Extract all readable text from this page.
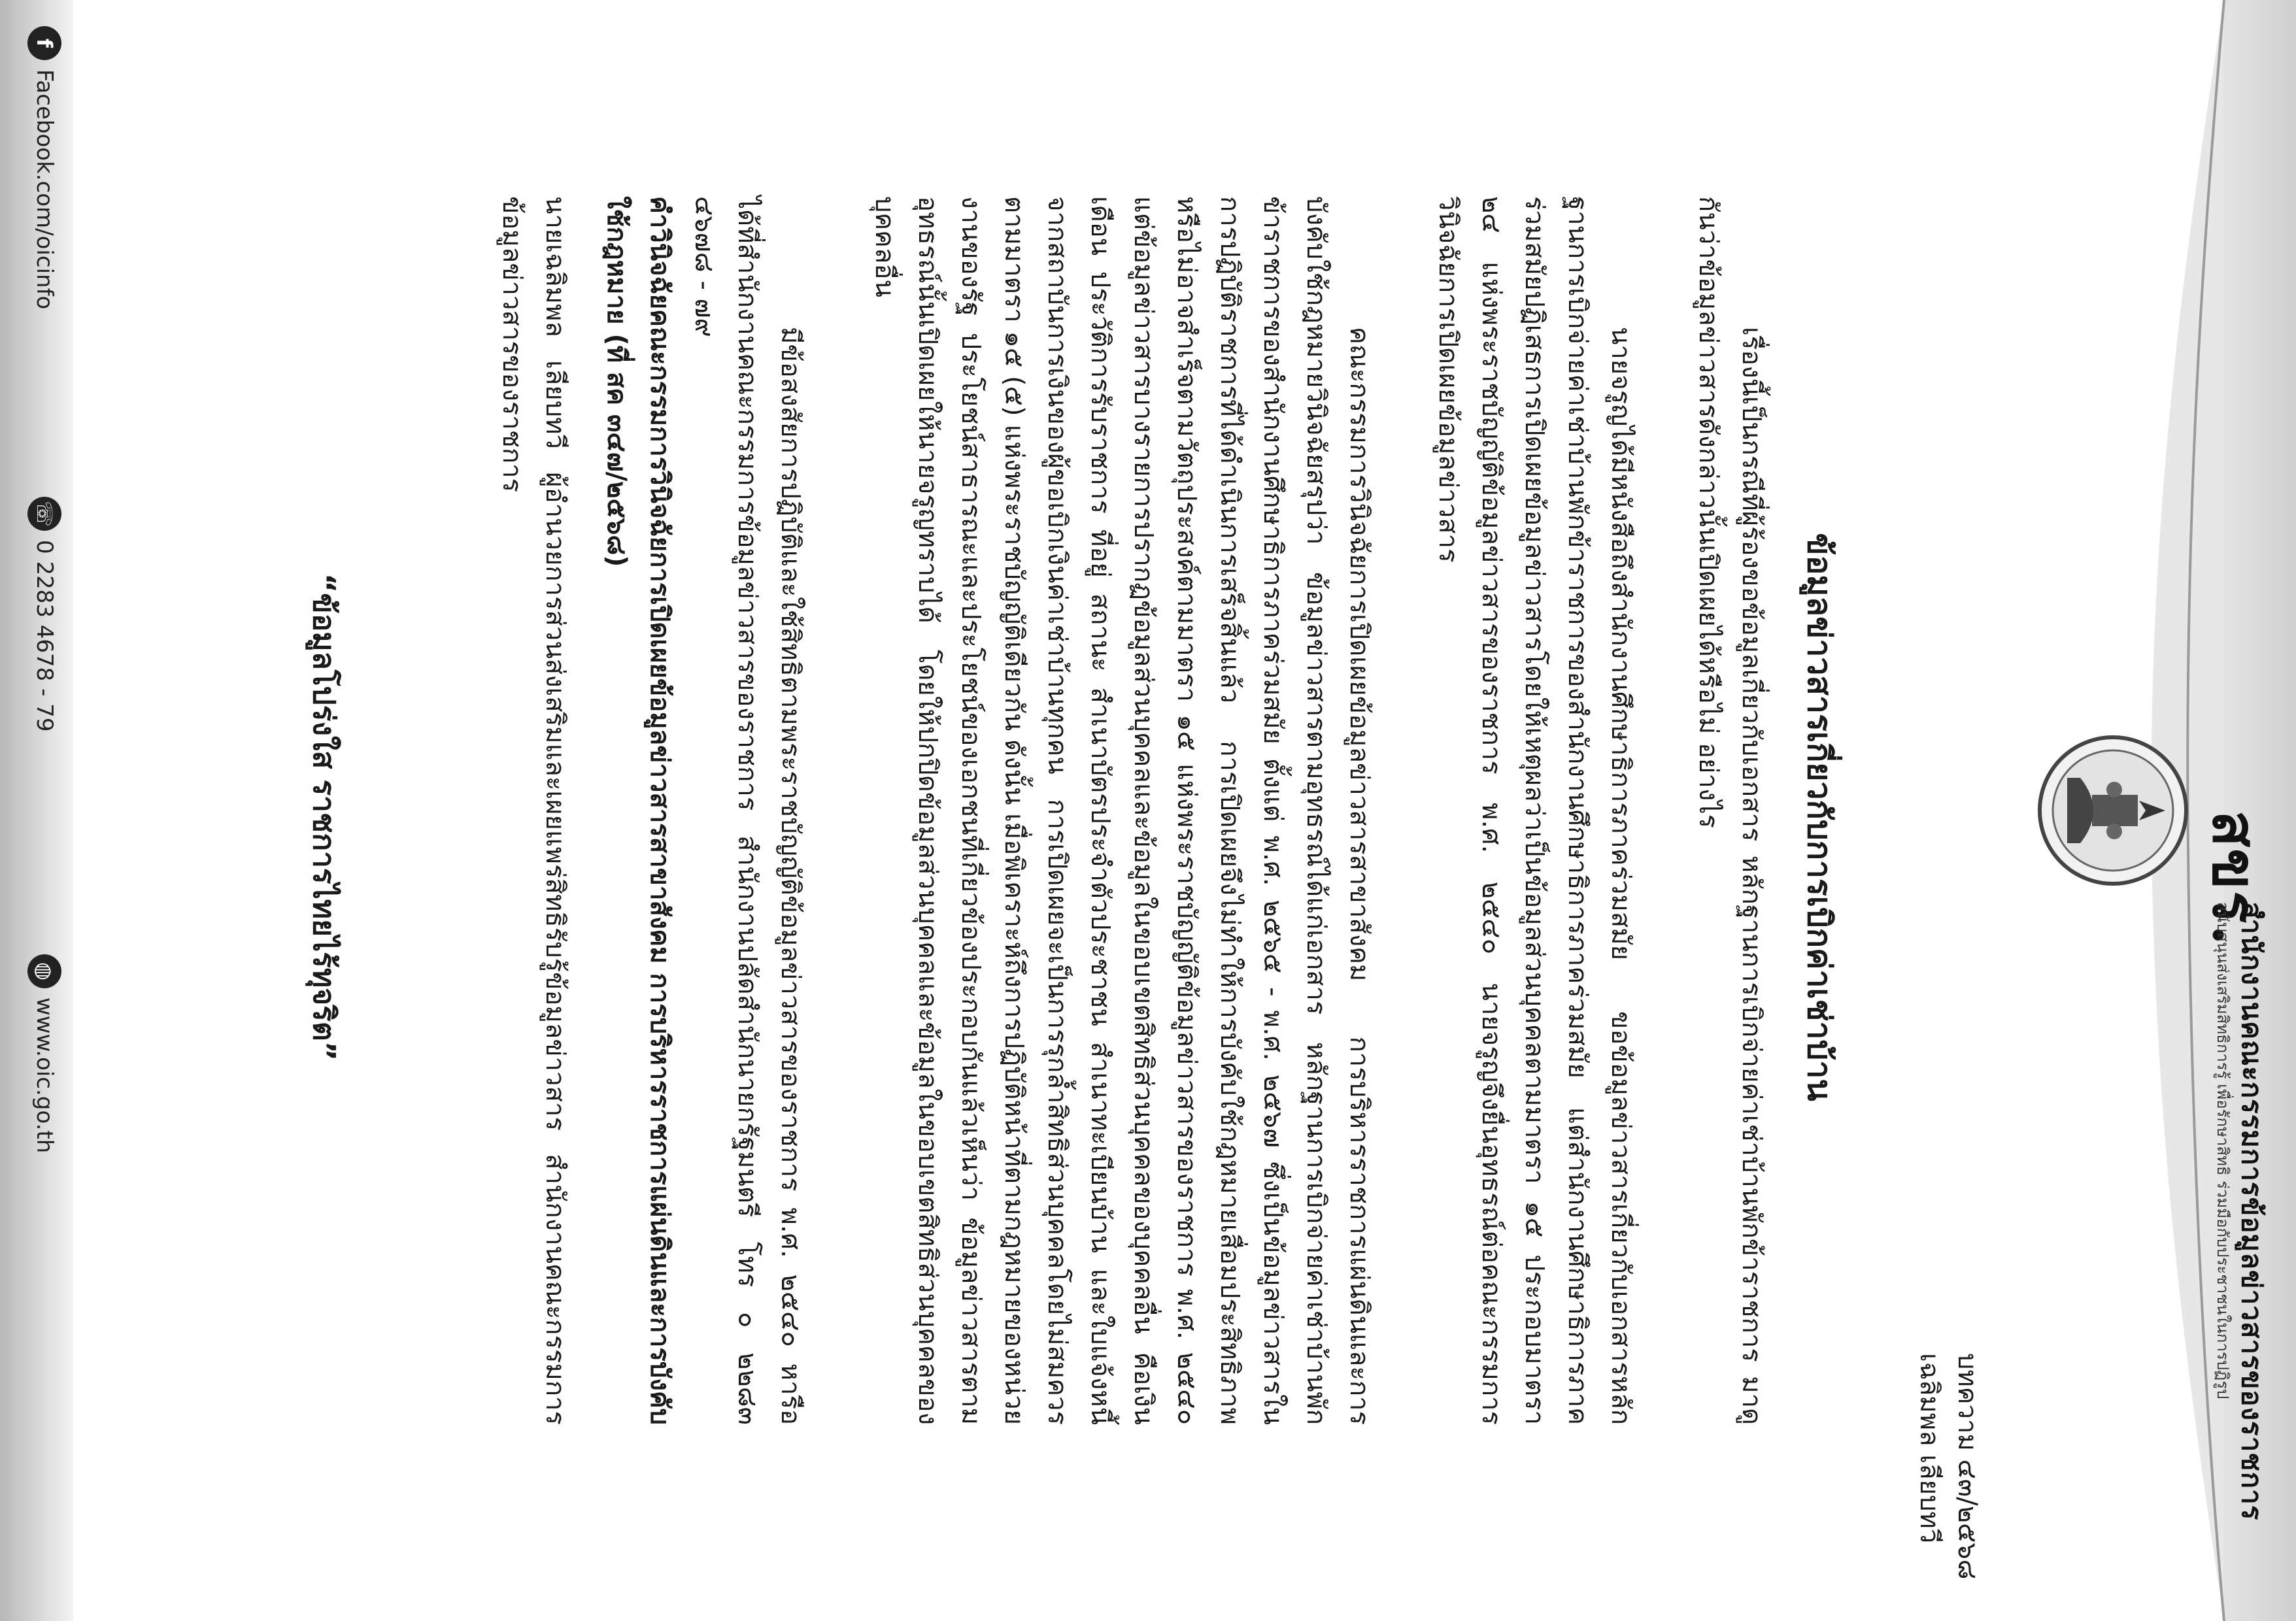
สขร.
สำนักงานคณะกรรมการข้อมูลข่าวสารของราชการ
สนับสนุนส่งเสริมสิทธิการรู้ เพื่อรักษาสิทธิ ร่วมมือกับประชาชนในการปฏิรูป
บทความ ๔๓/๒๕๖๘
เฉลิมพล เลียบทวี
ข้อมูลข่าวสารเกี่ยวกับการเบิกค่าเช่าบ้าน
เรื่องนี้เป็นกรณีที่ผู้ร้องขอข้อมูลเกี่ยวกับเอกสาร หลักฐานการเบิกจ่ายค่าเช่าบ้านพักข้าราชการ มาดูกันว่าข้อมูลข่าวสารดังกล่าวนั้นเปิดเผยได้หรือไม่ อย่างไร
นายจรูญได้มีหนังสือถึงสำนักงานศึกษาธิการภาคร่วมสมัย ขอข้อมูลข่าวสารเกี่ยวกับเอกสารหลักฐานการเบิกจ่ายค่าเช่าบ้านพักข้าราชการของสำนักงานศึกษาธิการภาคร่วมสมัย แต่สำนักงานศึกษาธิการภาคร่วมสมัยปฏิเสธการเปิดเผยข้อมูลข่าวสารโดยให้เหตุผลว่าเป็นข้อมูลส่วนบุคคลตามมาตรา ๑๕ ประกอบมาตรา ๒๔ แห่งพระราชบัญญัติข้อมูลข่าวสารของราชการ พ.ศ. ๒๕๔๐ นายจรูญจึงยื่นอุทธรณ์ต่อคณะกรรมการวินิจฉัยการเปิดเผยข้อมูลข่าวสาร
คณะกรรมการวินิจฉัยการเปิดเผยข้อมูลข่าวสารสาขาสังคม การบริหารราชการแผ่นดินและการบังคับใช้กฎหมายวินิจฉัยสรุปว่า ข้อมูลข่าวสารตามอุทธรณ์ได้แก่เอกสาร หลักฐานการเบิกจ่ายค่าเช่าบ้านพักข้าราชการของสำนักงานศึกษาธิการภาคร่วมสมัย ตั้งแต่ พ.ศ. ๒๕๖๕ - พ.ศ. ๒๕๖๗ ซึ่งเป็นข้อมูลข่าวสารในการปฏิบัติราชการที่ได้ดำเนินการเสร็จสิ้นแล้ว การเปิดเผยจึงไม่ทำให้การบังคับใช้กฎหมายเสื่อมประสิทธิภาพหรือไม่อาจสำเร็จตามวัตถุประสงค์ตามมาตรา ๑๕ แห่งพระราชบัญญัติข้อมูลข่าวสารของราชการ พ.ศ. ๒๕๔๐ แต่ข้อมูลข่าวสารบางรายการปรากฏข้อมูลส่วนบุคคลและข้อมูลในขอบเขตสิทธิส่วนบุคคลของบุคคลอื่น คือเงินเดือน ประวัติการรับราชการ ที่อยู่ สถานะ สำเนาบัตรประจำตัวประชาชน สำเนาทะเบียนบ้าน และใบแจ้งหนี้จากสถาบันการเงินของผู้ขอเบิกเงินค่าเช่าบ้านทุกคน การเปิดเผยจะเป็นการรุกล้ำสิทธิส่วนบุคคลโดยไม่สมควรตามมาตรา ๑๕ (๕) แห่งพระราชบัญญัติเดียวกัน ดังนั้น เมื่อพิเคราะห์ถึงการปฏิบัติหน้าที่ตามกฎหมายของหน่วยงานของรัฐ ประโยชน์สาธารณะและประโยชน์ของเอกชนที่เกี่ยวข้องประกอบกันแล้วเห็นว่า ข้อมูลข่าวสารตามอุทธรณ์นั้นเปิดเผยให้นายจรูญทราบได้ โดยให้ปกปิดข้อมูลส่วนบุคคลและข้อมูลในขอบเขตสิทธิส่วนบุคคลของบุคคลอื่น
มีข้อสงสัยการปฏิบัติและใช้สิทธิตามพระราชบัญญัติข้อมูลข่าวสารของราชการ พ.ศ. ๒๕๔๐ หารือได้ที่สำนักงานคณะกรรมการข้อมูลข่าวสารของราชการ สำนักงานปลัดสำนักนายกรัฐมนตรี โทร ๐ ๒๒๘๓ ๔๖๗๘ - ๗๙
คำวินิจฉัยคณะกรรมการวินิจฉัยการเปิดเผยข้อมูลข่าวสารสาขาสังคม การบริหารราชการแผ่นดินและการบังคับใช้กฎหมาย (ที่ สค ๓๔๗/๒๕๖๘)
นายเฉลิมพล เลียบทวี ผู้อำนวยการส่วนส่งเสริมและเผยแพร่สิทธิรับรู้ข้อมูลข่าวสาร สำนักงานคณะกรรมการข้อมูลข่าวสารของราชการ
“ข้อมูลโปร่งใส ราชการไทยไร้ทุจริต”
f
Facebook.com/oicinfo
☏
0 2283 4678 - 79
◍
www.oic.go.th
